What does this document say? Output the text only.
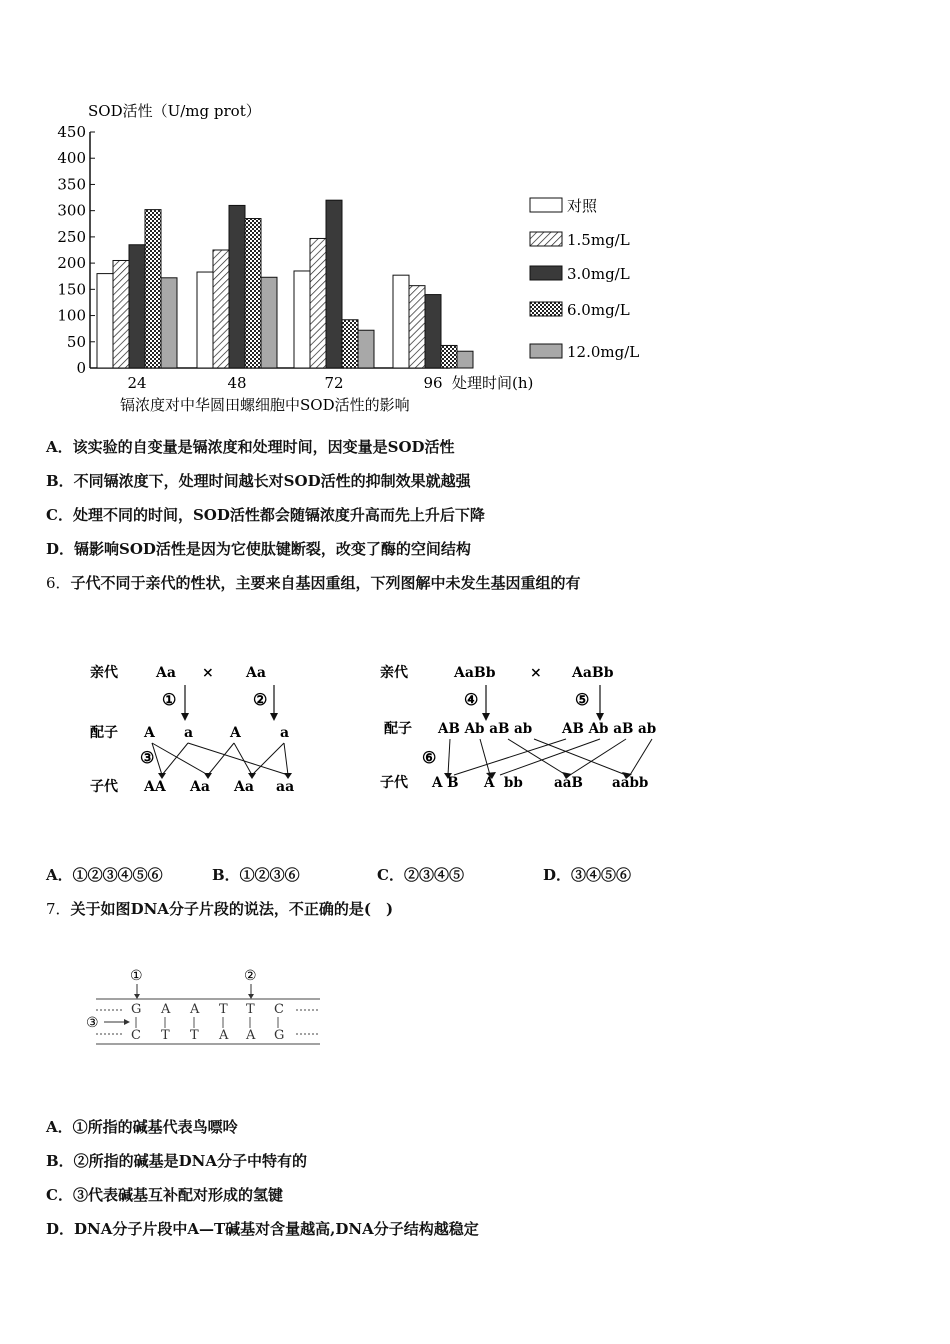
SOD活性（U/mg prot）
450
400
350
300
250
200
150
100
50
0
24	48	72	96 处理时间(h)
镉浓度对中华圆田螺细胞中SOD活性的影响
对照
1.5mg/L
3.0mg/L
6.0mg/L
12.0mg/L
A．该实验的自变量是镉浓度和处理时间，因变量是SOD活性
B．不同镉浓度下，处理时间越长对SOD活性的抑制效果就越强
C．处理不同的时间，SOD活性都会随镉浓度升高而先上升后下降
D．镉影响SOD活性是因为它使肽键断裂，改变了酶的空间结构
6．子代不同于亲代的性状，主要来自基因重组，下列图解中未发生基因重组的有
亲代	Aa × Aa
①	②
配子 A a	A	a
③
子代 AA Aa Aa aa
亲代	AaBb × AaBb
④	⑤
配子 AB Ab aB ab AB Ab aB ab
⑥
子代 A B A  bb aaB aabb
A．①②③④⑤⑥	B．①②③⑥	C．②③④⑤	D．③④⑤⑥
7．关于如图DNA分子片段的说法，不正确的是(　)
①	②
G A A T T C
③
C T T A A G
A．①所指的碱基代表鸟嘌呤
B．②所指的碱基是DNA分子中特有的
C．③代表碱基互补配对形成的氢键
D．DNA分子片段中A—T碱基对含量越高,DNA分子结构越稳定
